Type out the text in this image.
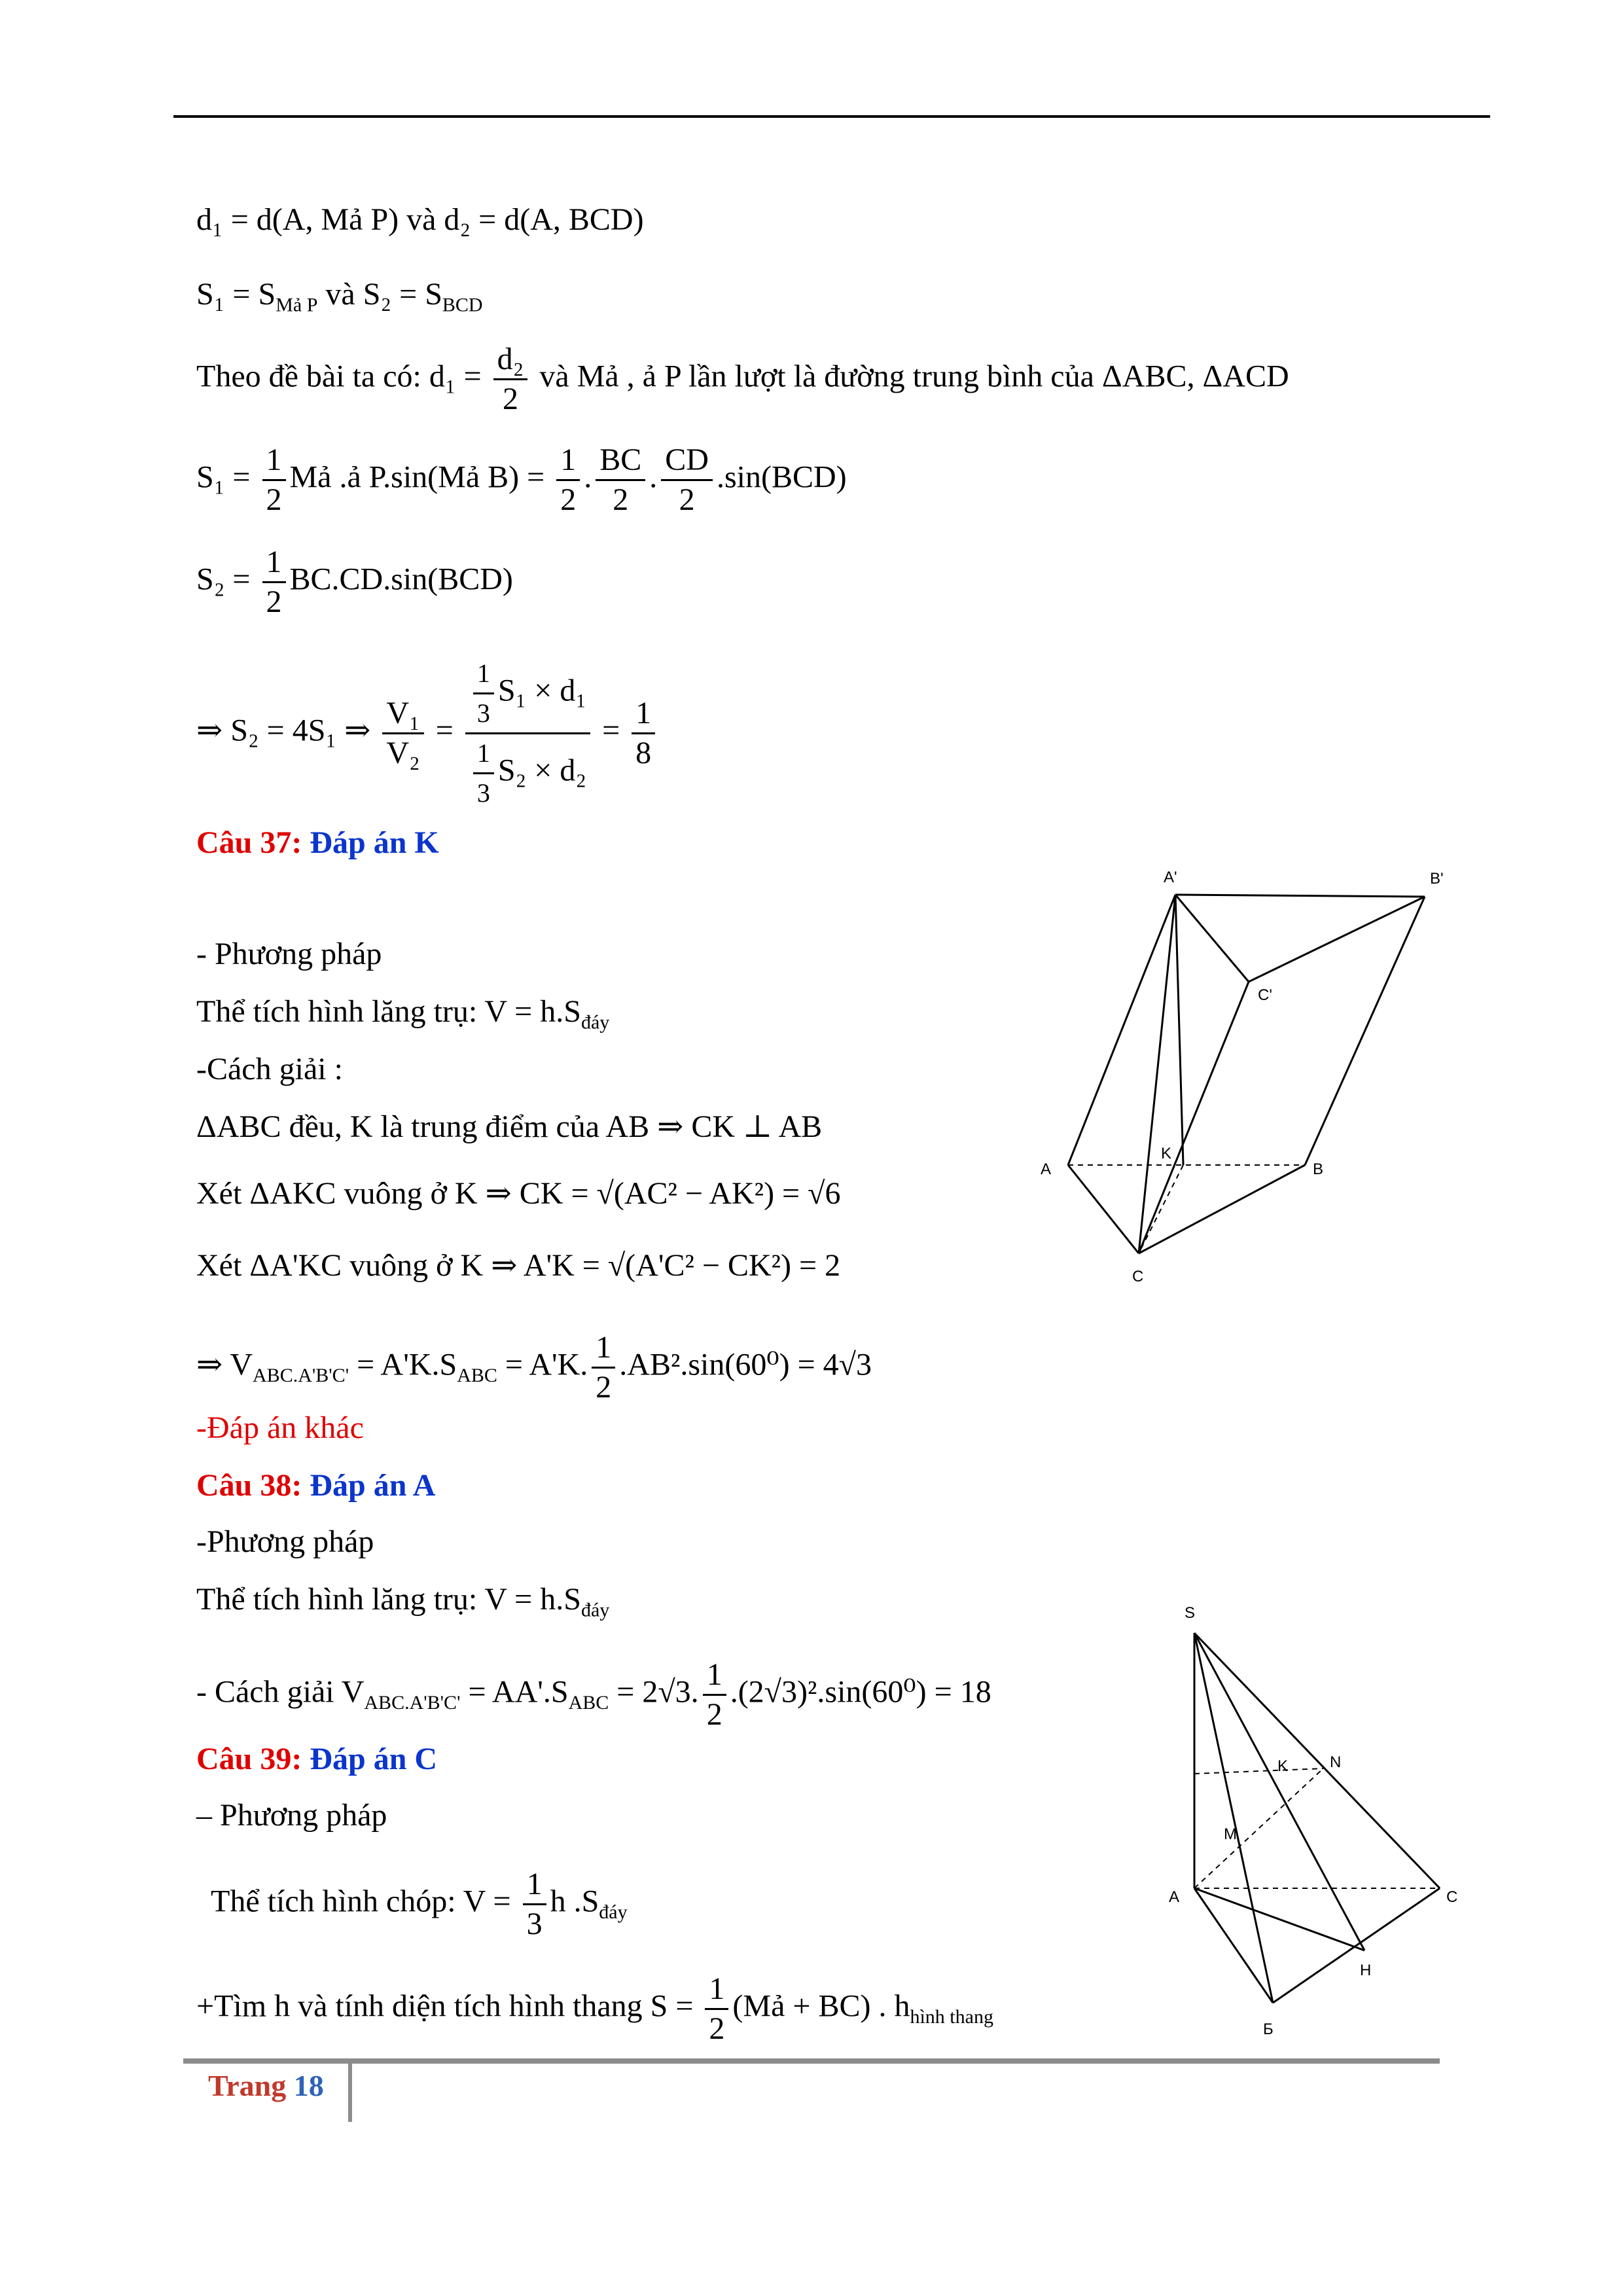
d₁ = d(A, Mả P) và d₂ = d(A, BCD)
$S_1 = S_{Mả P}$ và $S_2 = S_{BCD}$
Theo đề bài ta có: $d_1 = \frac{\text{d₂}}{2}$ và Mả , ả P lần lượt là đường trung bình của ΔABC, ΔACD
$S_1 = \frac{1}{2}$ Mả .ả P.sin(Mả $B) = \frac{1}{2}$ . $\frac{BC}{2}$ . $\frac{CD}{2} .\sin(BCD)$
$S_2 = \frac{1}{2} BC.CD.\sin(BCD)$
⇒ S₂ = 4S₁ ⇒ $\frac{\text{V₁}}{\text{V₂}} = \frac{\frac{1}{3} S_1 \times d_1}{\frac{1}{3} S_2 \times d_2} = \frac{1}{8}$
Câu 37: Đáp án K
- Phương pháp
Thể tích hình lăng trụ: $V = h.S_{đáy}$
-Cách giải :
ΔABC đều, K là trung điểm của AB ⇒ CK ⊥ AB
Xét ΔAKC vuông ở K ⇒ CK = √(AC² − AK²) = √6
Xét ΔA'KC vuông ở K ⇒ A'K = √(A'C² − CK²) = 2
⇒ $V_{ABC.A'B'C'} = A'K.S_{ABC} = A'K$. $\frac{1}{2} .AB^2.\sin(60^0) = 4√3$
-Đáp án khác
A'	B'
C'
A	B
C
K
Câu 38: Đáp án A
-Phương pháp
Thể tích hình lăng trụ: $V = h.S_{đáy}$
- Cách giải $V_{ABC.A'B'C'} = AA'.S_{ABC} = 2√3$. $\frac{1}{2} .(2√3)^2.\sin(60^0) = 18$
Câu 39: Đáp án C
– Phương pháp
Thể tích hình chóp: $V = \frac{1}{3}$ h $.S_{đáy}$
+Tìm h và tính diện tích hình thang $S = \frac{1}{2}$ (Mả + BC) . $h_{hình thang}$
S
K	N
M
A	C
H
Б
Trang 18
